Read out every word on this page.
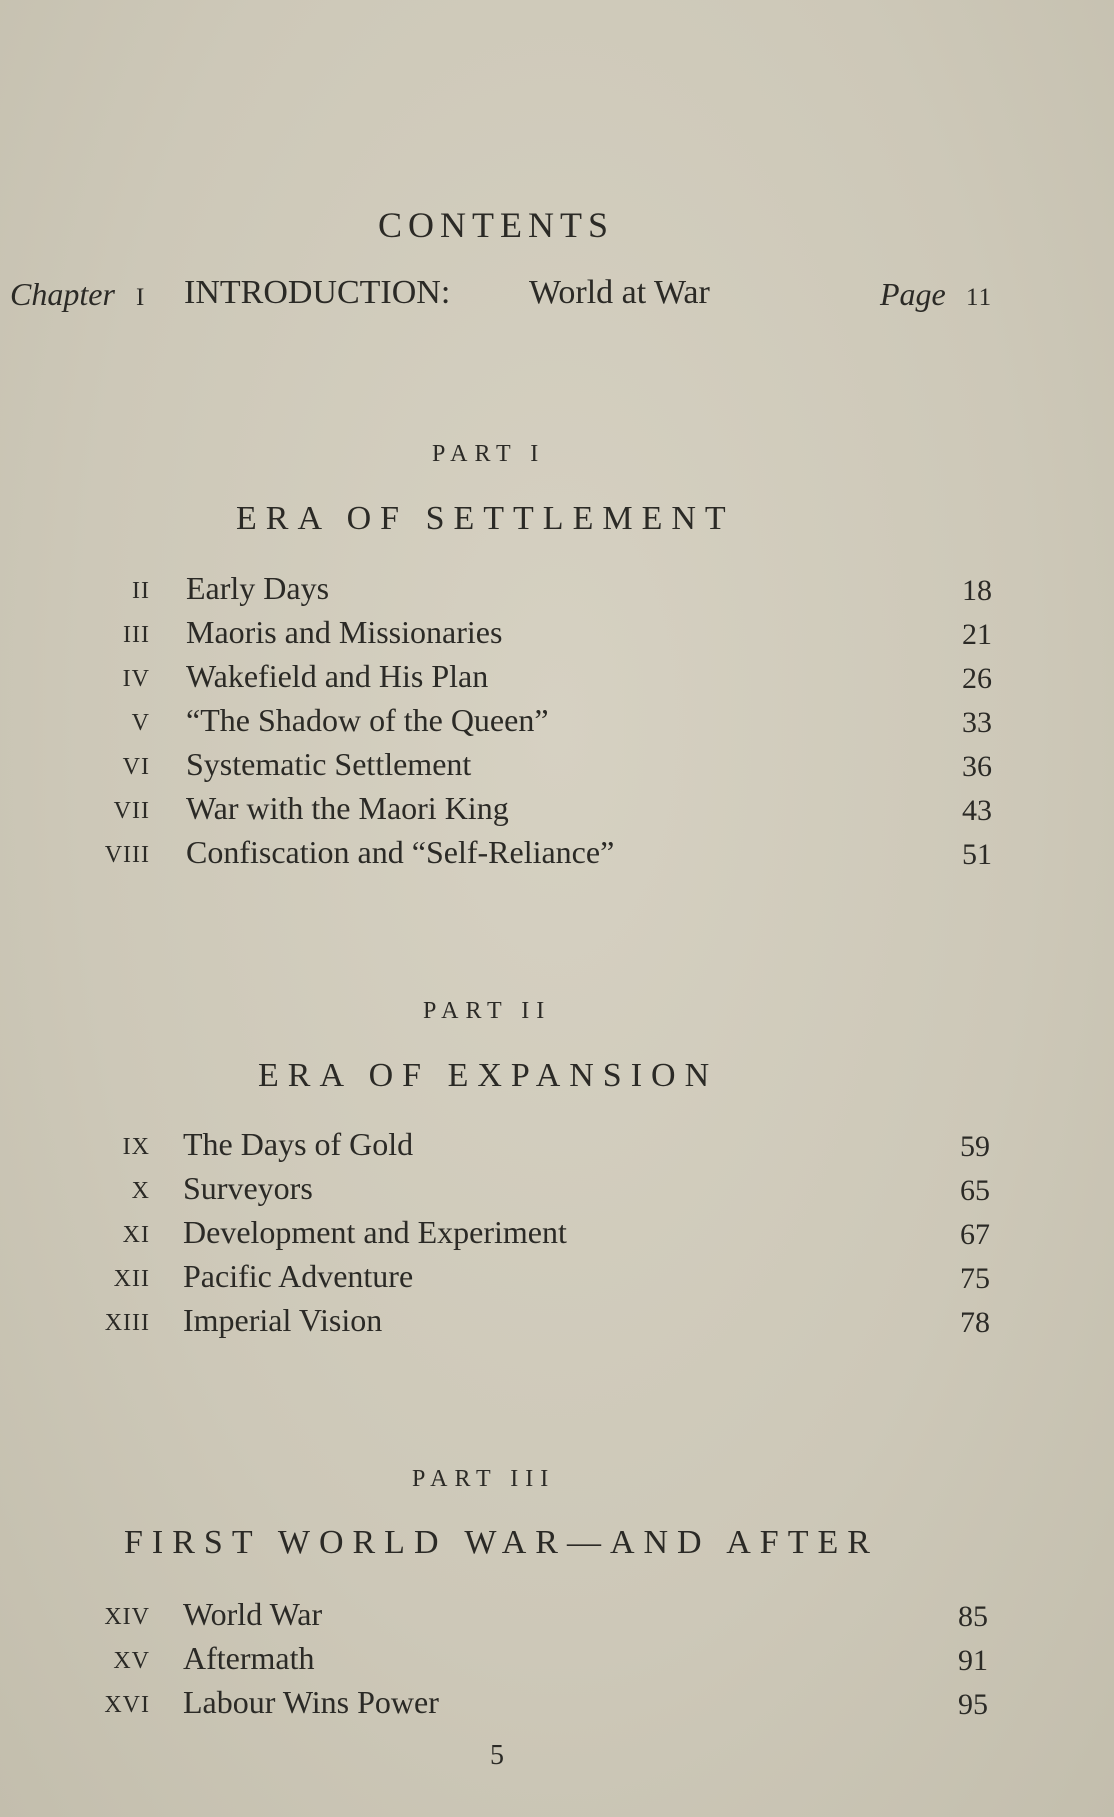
CONTENTS
Chapter I INTRODUCTION: World at War	Page 11
PART I
ERA OF SETTLEMENT
II Early Days	18
III Maoris and Missionaries	21
IV Wakefield and His Plan	26
V “The Shadow of the Queen”	33
VI Systematic Settlement	36
VII War with the Maori King	43
VIII Confiscation and “Self-Reliance”	51
PART II
ERA OF EXPANSION
IX The Days of Gold	59
X Surveyors	65
XI Development and Experiment	67
XII Pacific Adventure	75
XIII Imperial Vision	78
PART III
FIRST WORLD WAR—AND AFTER
XIV World War	85
XV Aftermath	91
XVI Labour Wins Power	95
5
